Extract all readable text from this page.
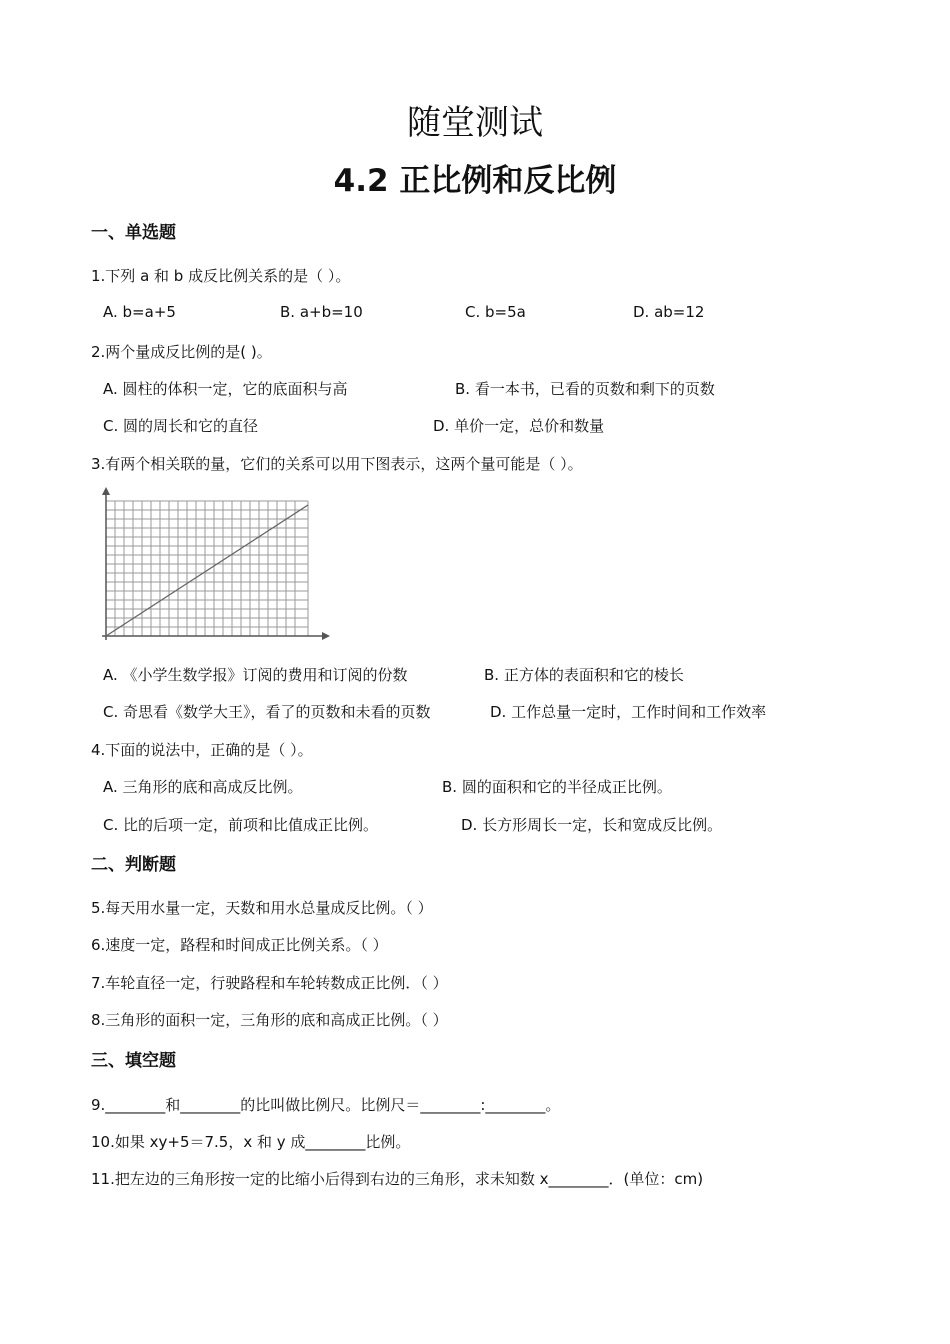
随堂测试
4.2 正比例和反比例
一、单选题
1.下列 a 和 b 成反比例关系的是（ ）。
A. b=a+5	B. a+b=10	C. b=5a	D. ab=12
2.两个量成反比例的是( )。
A. 圆柱的体积一定，它的底面积与高	B. 看一本书，已看的页数和剩下的页数
C. 圆的周长和它的直径	D. 单价一定，总价和数量
3.有两个相关联的量，它们的关系可以用下图表示，这两个量可能是（ ）。
A. 《小学生数学报》订阅的费用和订阅的份数	B. 正方体的表面积和它的棱长
C. 奇思看《数学大王》，看了的页数和未看的页数	D. 工作总量一定时，工作时间和工作效率
4.下面的说法中，正确的是（ ）。
A. 三角形的底和高成反比例。	B. 圆的面积和它的半径成正比例。
C. 比的后项一定，前项和比值成正比例。	D. 长方形周长一定，长和宽成反比例。
二、判断题
5.每天用水量一定，天数和用水总量成反比例。（ ）
6.速度一定，路程和时间成正比例关系。（ ）
7.车轮直径一定，行驶路程和车轮转数成正比例．（ ）
8.三角形的面积一定，三角形的底和高成正比例。（ ）
三、填空题
9.________和________的比叫做比例尺。比例尺＝________:________。
10.如果 xy+5＝7.5，x 和 y 成________比例。
11.把左边的三角形按一定的比缩小后得到右边的三角形，求未知数 x________．(单位：cm)
